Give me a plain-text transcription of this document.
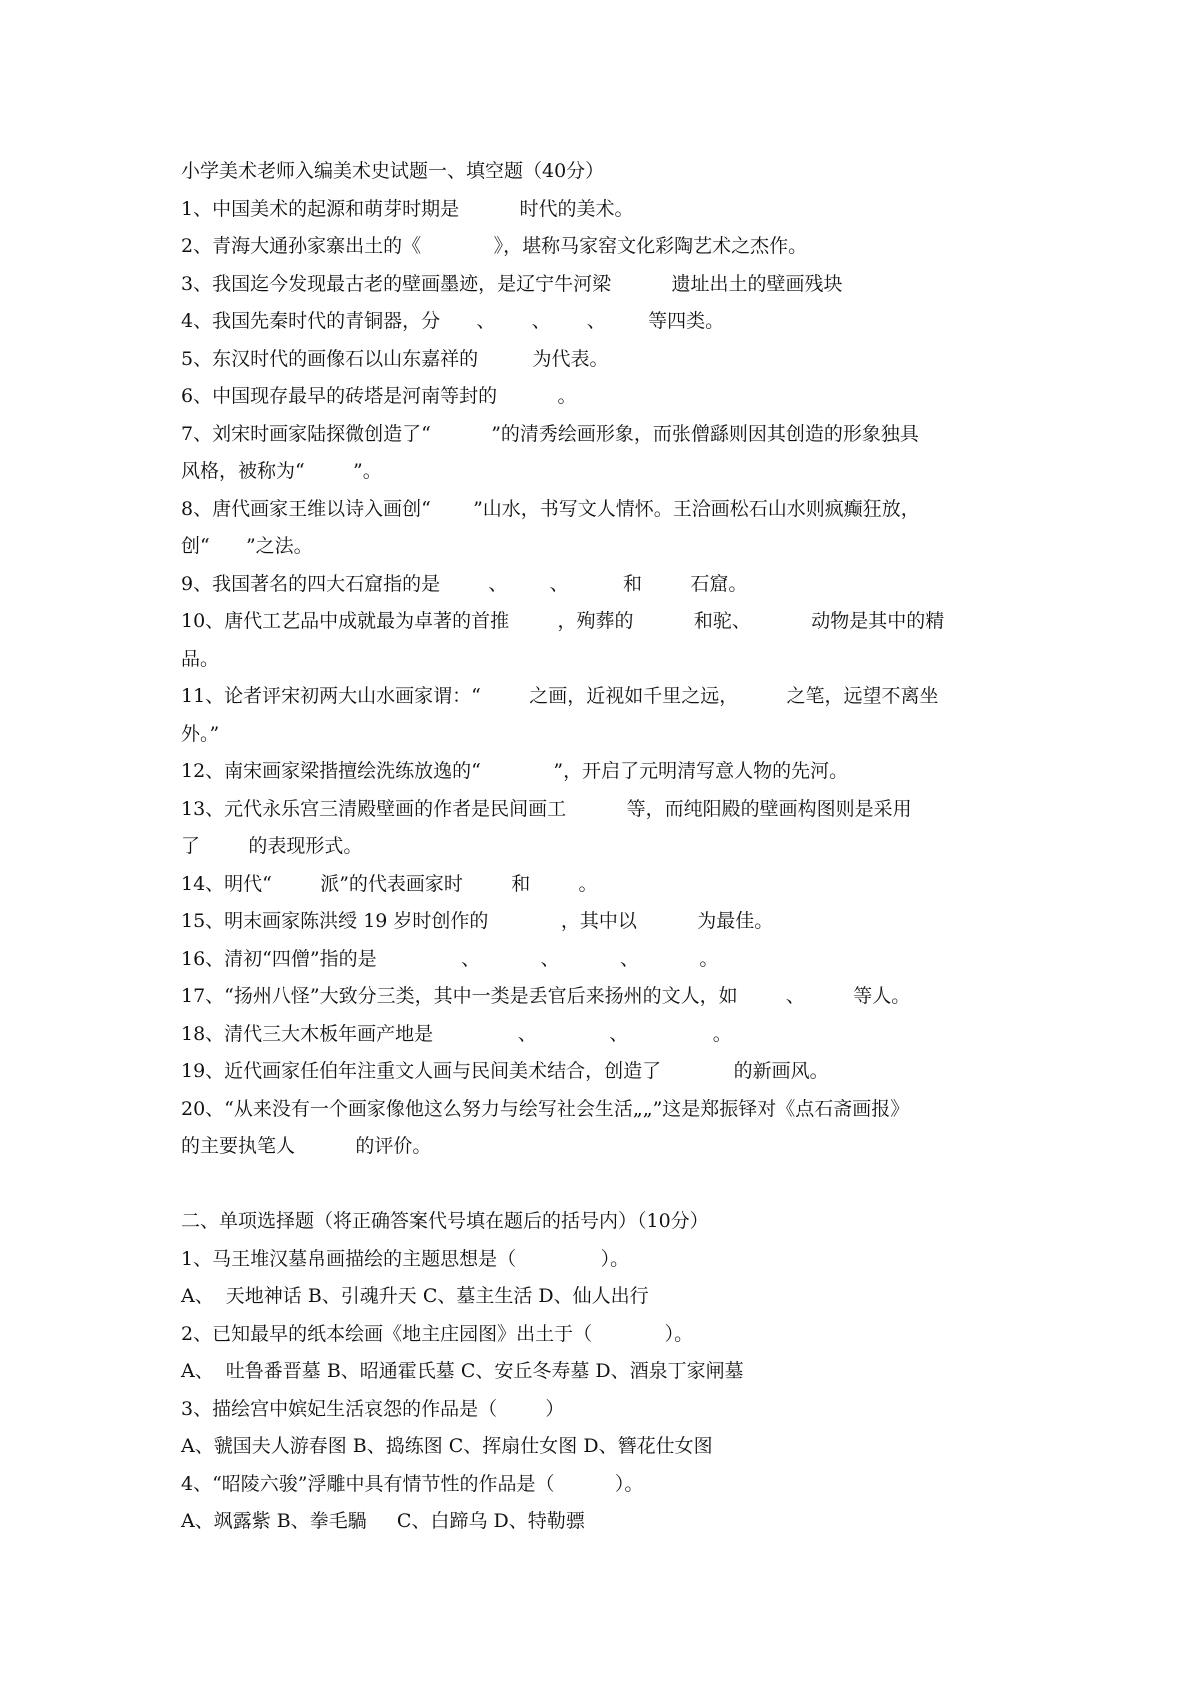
小学美术老师入编美术史试题一、填空题（40分）
1、中国美术的起源和萌芽时期是          时代的美术。
2、青海大通孙家寨出土的《            》，堪称马家窑文化彩陶艺术之杰作。
3、我国迄今发现最古老的壁画墨迹，是辽宁牛河梁          遗址出土的壁画残块
4、我国先秦时代的青铜器，分      、      、      、       等四类。
5、东汉时代的画像石以山东嘉祥的         为代表。
6、中国现存最早的砖塔是河南等封的          。
7、刘宋时画家陆探微创造了“          ”的清秀绘画形象，而张僧繇则因其创造的形象独具
风格，被称为“        ”。
8、唐代画家王维以诗入画创“       ”山水，书写文人情怀。王洽画松石山水则疯癫狂放，
创“      ”之法。
9、我国著名的四大石窟指的是        、       、         和        石窟。
10、唐代工艺品中成就最为卓著的首推        ，殉葬的          和驼、          动物是其中的精
品。
11、论者评宋初两大山水画家谓：“        之画，近视如千里之远，        之笔，远望不离坐
外。”
12、南宋画家梁揩擅绘洗练放逸的“            ”，开启了元明清写意人物的先河。
13、元代永乐宫三清殿壁画的作者是民间画工          等，而纯阳殿的壁画构图则是采用
了        的表现形式。
14、明代“        派”的代表画家时        和        。
15、明末画家陈洪绶 19 岁时创作的            ，其中以          为最佳。
16、清初“四僧”指的是              、          、          、          。
17、“扬州八怪”大致分三类，其中一类是丢官后来扬州的文人，如        、        等人。
18、清代三大木板年画产地是              、            、              。
19、近代画家任伯年注重文人画与民间美术结合，创造了            的新画风。
20、“从来没有一个画家像他这么努力与绘写社会生活„„”这是郑振铎对《点石斋画报》
的主要执笔人          的评价。
二、单项选择题（将正确答案代号填在题后的括号内）（10分）
1、马王堆汉墓帛画描绘的主题思想是（              ）。
A、  天地神话 B、引魂升天 C、墓主生活 D、仙人出行
2、已知最早的纸本绘画《地主庄园图》出土于（            ）。
A、  吐鲁番晋墓 B、昭通霍氏墓 C、安丘冬寿墓 D、酒泉丁家闸墓
3、描绘宫中嫔妃生活哀怨的作品是（        ）
A、虢国夫人游春图 B、捣练图 C、挥扇仕女图 D、簪花仕女图
4、“昭陵六骏”浮雕中具有情节性的作品是（          ）。
A、飒露紫 B、拳毛騧     C、白蹄乌 D、特勒骠
